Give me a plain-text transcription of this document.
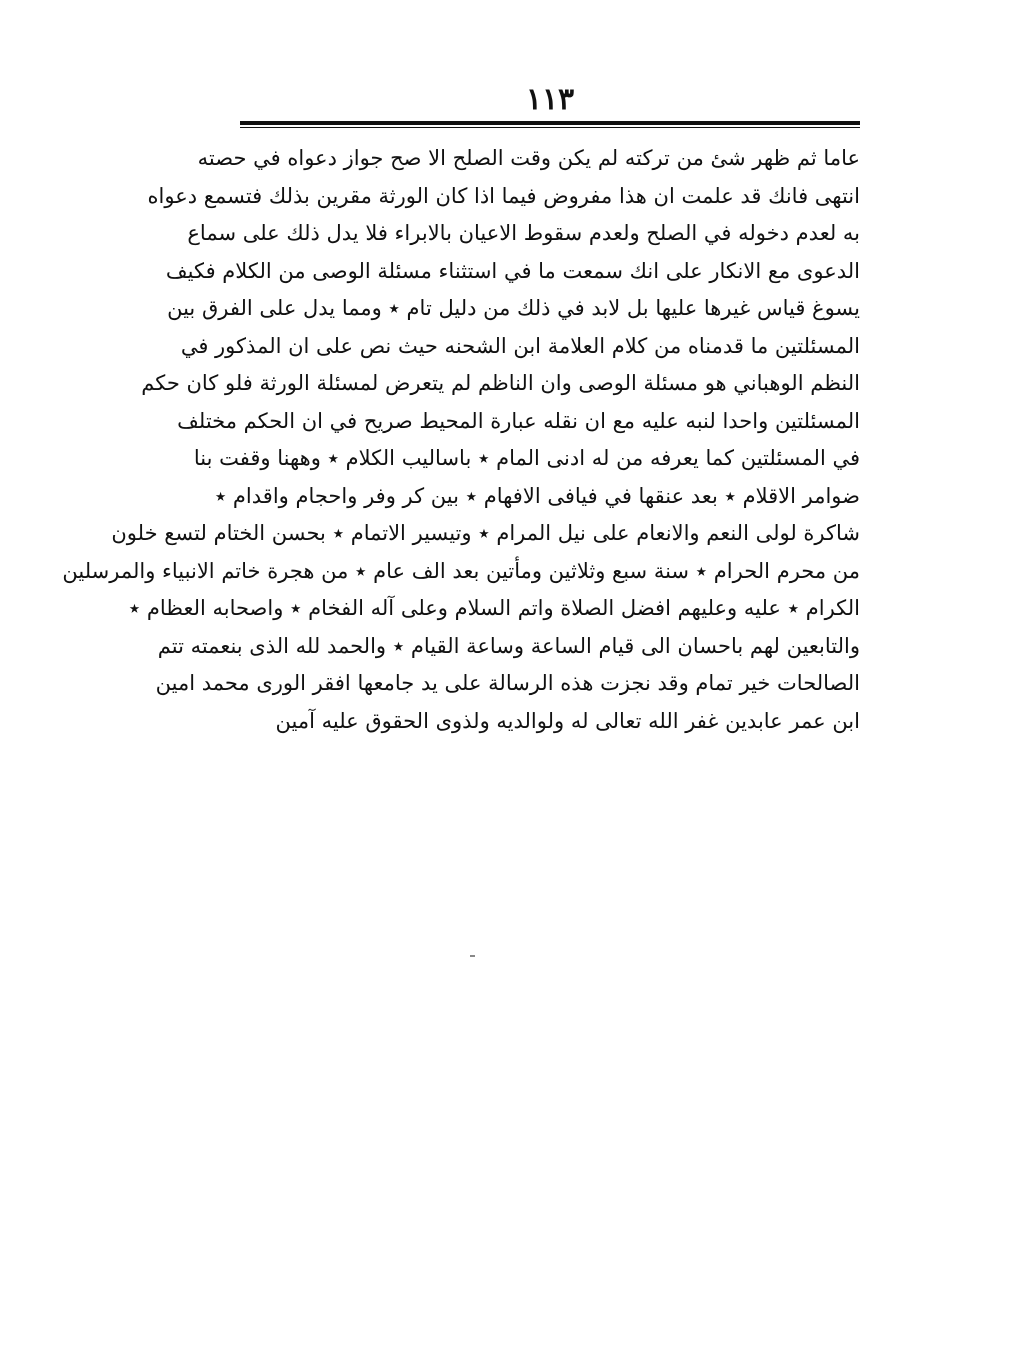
١١٣
عاما ثم ظهر شئ من تركته لم يكن وقت الصلح الا صح جواز دعواه في حصته
انتهى فانك قد علمت ان هذا مفروض فيما اذا كان الورثة مقرين بذلك فتسمع دعواه
به لعدم دخوله في الصلح ولعدم سقوط الاعيان بالابراء فلا يدل ذلك على سماع
الدعوى مع الانكار على انك سمعت ما في استثناء مسئلة الوصى من الكلام فكيف
يسوغ قياس غيرها عليها بل لابد في ذلك من دليل تام ٭ ومما يدل على الفرق بين
المسئلتين ما قدمناه من كلام العلامة ابن الشحنه حيث نص على ان المذكور في
النظم الوهباني هو مسئلة الوصى وان الناظم لم يتعرض لمسئلة الورثة فلو كان حكم
المسئلتين واحدا لنبه عليه مع ان نقله عبارة المحيط صريح في ان الحكم مختلف
في المسئلتين كما يعرفه من له ادنى المام ٭ باساليب الكلام ٭ وههنا وقفت بنا
ضوامر الاقلام ٭ بعد عنقها في فيافى الافهام ٭ بين كر وفر واحجام واقدام ٭
شاكرة لولى النعم والانعام على نيل المرام ٭ وتيسير الاتمام ٭ بحسن الختام لتسع خلون
من محرم الحرام ٭ سنة سبع وثلاثين ومأتين بعد الف عام ٭ من هجرة خاتم الانبياء والمرسلين
الكرام ٭ عليه وعليهم افضل الصلاة واتم السلام وعلى آله الفخام ٭ واصحابه العظام ٭
والتابعين لهم باحسان الى قيام الساعة وساعة القيام ٭ والحمد لله الذى بنعمته تتم
الصالحات خير تمام وقد نجزت هذه الرسالة على يد جامعها افقر الورى محمد امين
ابن عمر عابدين غفر الله تعالى له ولوالديه ولذوى الحقوق عليه آمين
